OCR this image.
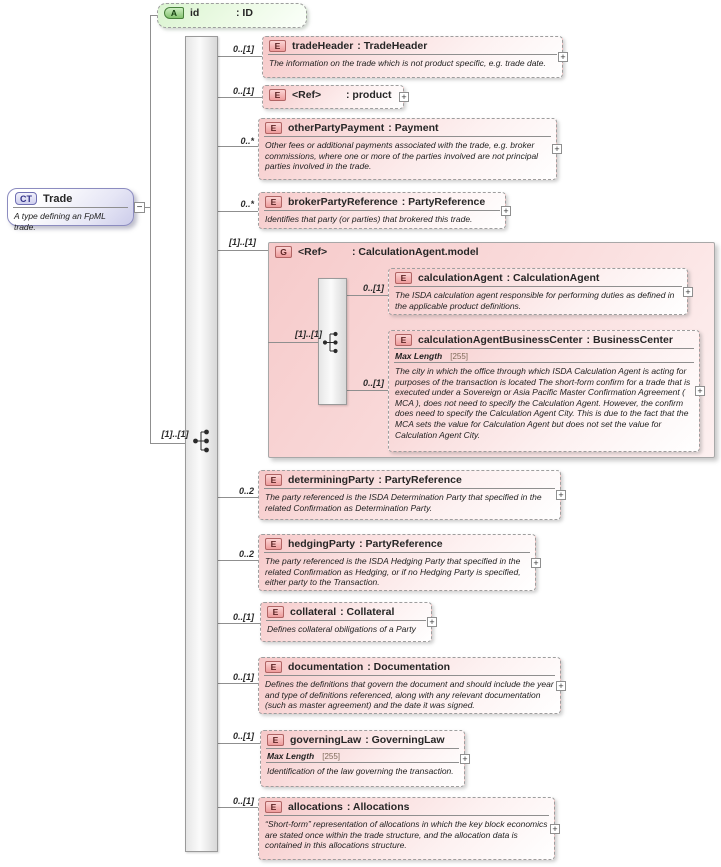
0..[1]
0..[1]
0..*
0..*
[1]..[1]
[1]..[1]
[1]..[1]
0..[1]
0..[1]
0..2
0..2
0..[1]
0..[1]
0..[1]
0..[1]
CT	Trade
A type defining an FpML trade.
−
A	id	: ID
E	tradeHeader : TradeHeader
The information on the trade which is not product specific, e.g. trade date.
+
E	<Ref>	: product +
E	otherPartyPayment : Payment
Other fees or additional payments associated with the trade, e.g. broker commissions, where one or more of the parties involved are not principal parties involved in the trade.
+
E	brokerPartyReference : PartyReference
Identifies that party (or parties) that brokered this trade.
+
G	<Ref>	: CalculationAgent.model
E	calculationAgent : CalculationAgent
The ISDA calculation agent responsible for performing duties as defined in the applicable product definitions.
+
E	calculationAgentBusinessCenter : BusinessCenter
Max Length [255]
The city in which the office through which ISDA Calculation Agent is acting for purposes of the transaction is located The short-form confirm for a trade that is executed under a Sovereign or Asia Pacific Master Confirmation Agreement ( MCA ), does not need to specify the Calculation Agent. However, the confirm does need to specify the Calculation Agent City. This is due to the fact that the MCA sets the value for Calculation Agent but does not set the value for Calculation Agent City.
+
E	determiningParty : PartyReference
The party referenced is the ISDA Determination Party that specified in the related Confirmation as Determination Party.
+
E	hedgingParty : PartyReference
The party referenced is the ISDA Hedging Party that specified in the related Confirmation as Hedging, or if no Hedging Party is specified, either party to the Transaction.
+
E	collateral : Collateral
Defines collateral obiligations of a Party
+
E	documentation : Documentation
Defines the definitions that govern the document and should include the year and type of definitions referenced, along with any relevant documentation (such as master agreement) and the date it was signed.
+
E	governingLaw : GoverningLaw
Max Length [255]
Identification of the law governing the transaction.
+
E	allocations : Allocations
“Short-form” representation of allocations in which the key block economics are stated once within the trade structure, and the allocation data is contained in this allocations structure.
+
